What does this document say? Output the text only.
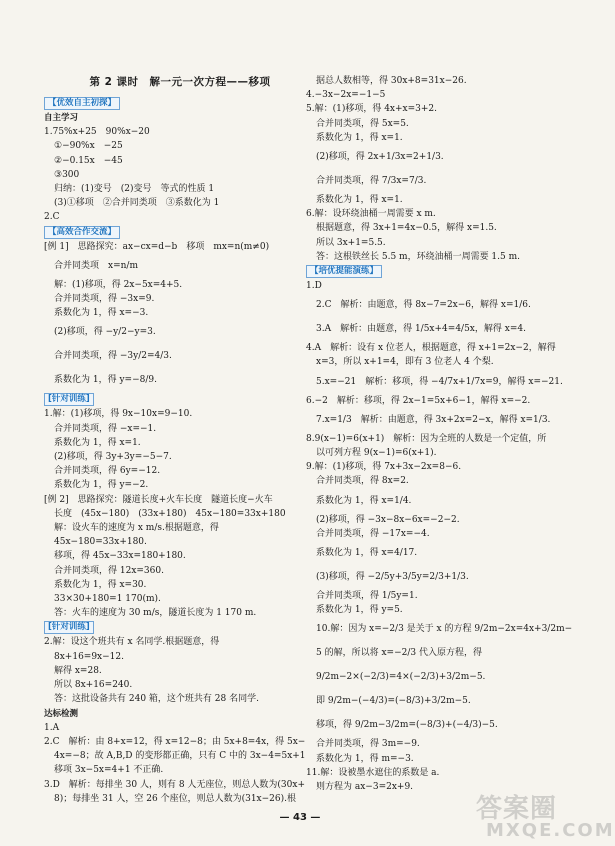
第 2 课时　解一元一次方程——移项
【优效自主初探】
自主学习
1.75%x+25　90%x−20
①−90%x　−25
②−0.15x　−45
③300
归纳：(1)变号　(2)变号　等式的性质 1
(3)①移项　②合并同类项　③系数化为 1
2.C
【高效合作交流】
[例 1]　思路探究：ax−cx=d−b　移项　mx=n(m≠0)
合并同类项　x=n/m
解：(1)移项，得 2x−5x=4+5.
合并同类项，得 −3x=9.
系数化为 1，得 x=−3.
(2)移项，得 −y/2−y=3.
合并同类项，得 −3y/2=4/3.
系数化为 1，得 y=−8/9.
[针对训练]
1.解：(1)移项，得 9x−10x=9−10.
合并同类项，得 −x=−1.
系数化为 1，得 x=1.
(2)移项，得 3y+3y=−5−7.
合并同类项，得 6y=−12.
系数化为 1，得 y=−2.
[例 2]　思路探究：隧道长度+火车长度　隧道长度−火车
长度　(45x−180)　(33x+180)　45x−180=33x+180
解：设火车的速度为 x m/s.根据题意，得
45x−180=33x+180.
移项，得 45x−33x=180+180.
合并同类项，得 12x=360.
系数化为 1，得 x=30.
33×30+180=1 170(m).
答：火车的速度为 30 m/s，隧道长度为 1 170 m.
[针对训练]
2.解：设这个班共有 x 名同学.根据题意，得
8x+16=9x−12.
解得 x=28.
所以 8x+16=240.
答：这批设备共有 240 箱，这个班共有 28 名同学.
达标检测
1.A
2.C　解析：由 8+x=12，得 x=12−8；由 5x+8=4x，得 5x−
4x=−8；故 A,B,D 的变形都正确，只有 C 中的 3x−4=5x+1
移项 3x−5x=4+1 不正确.
3.D　解析：每排坐 30 人，则有 8 人无座位，则总人数为(30x+
8)；每排坐 31 人，空 26 个座位，则总人数为(31x−26).根
据总人数相等，得 30x+8=31x−26.
4.−3x−2x=−1−5
5.解：(1)移项，得 4x+x=3+2.
合并同类项，得 5x=5.
系数化为 1，得 x=1.
(2)移项，得 2x+1/3x=2+1/3.
合并同类项，得 7/3x=7/3.
系数化为 1，得 x=1.
6.解：设环绕油桶一周需要 x m.
根据题意，得 3x+1=4x−0.5，解得 x=1.5.
所以 3x+1=5.5.
答：这根铁丝长 5.5 m，环绕油桶一周需要 1.5 m.
【培优提能演练】
1.D
2.C　解析：由题意，得 8x−7=2x−6，解得 x=1/6.
3.A　解析：由题意，得 1/5x+4=4/5x，解得 x=4.
4.A　解析：设有 x 位老人，根据题意，得 x+1=2x−2，解得
x=3，所以 x+1=4，即有 3 位老人 4 个梨.
5.x=−21　解析：移项，得 −4/7x+1/7x=9，解得 x=−21.
6.−2　解析：移项，得 2x−1=5x+6−1，解得 x=−2.
7.x=1/3　解析：由题意，得 3x+2x=2−x，解得 x=1/3.
8.9(x−1)=6(x+1)　解析：因为全班的人数是一个定值，所
以可列方程 9(x−1)=6(x+1).
9.解：(1)移项，得 7x+3x−2x=8−6.
合并同类项，得 8x=2.
系数化为 1，得 x=1/4.
(2)移项，得 −3x−8x−6x=−2−2.
合并同类项，得 −17x=−4.
系数化为 1，得 x=4/17.
(3)移项，得 −2/5y+3/5y=2/3+1/3.
合并同类项，得 1/5y=1.
系数化为 1，得 y=5.
10.解：因为 x=−2/3 是关于 x 的方程 9/2m−2x=4x+3/2m−
5 的解，所以将 x=−2/3 代入原方程，得
9/2m−2×(−2/3)=4×(−2/3)+3/2m−5.
即 9/2m−(−4/3)=(−8/3)+3/2m−5.
移项，得 9/2m−3/2m=(−8/3)+(−4/3)−5.
合并同类项，得 3m=−9.
系数化为 1，得 m=−3.
11.解：设被墨水遮住的系数是 a.
则方程为 ax−3=2x+9.
— 43 —	答案圈
MXQE.COM
